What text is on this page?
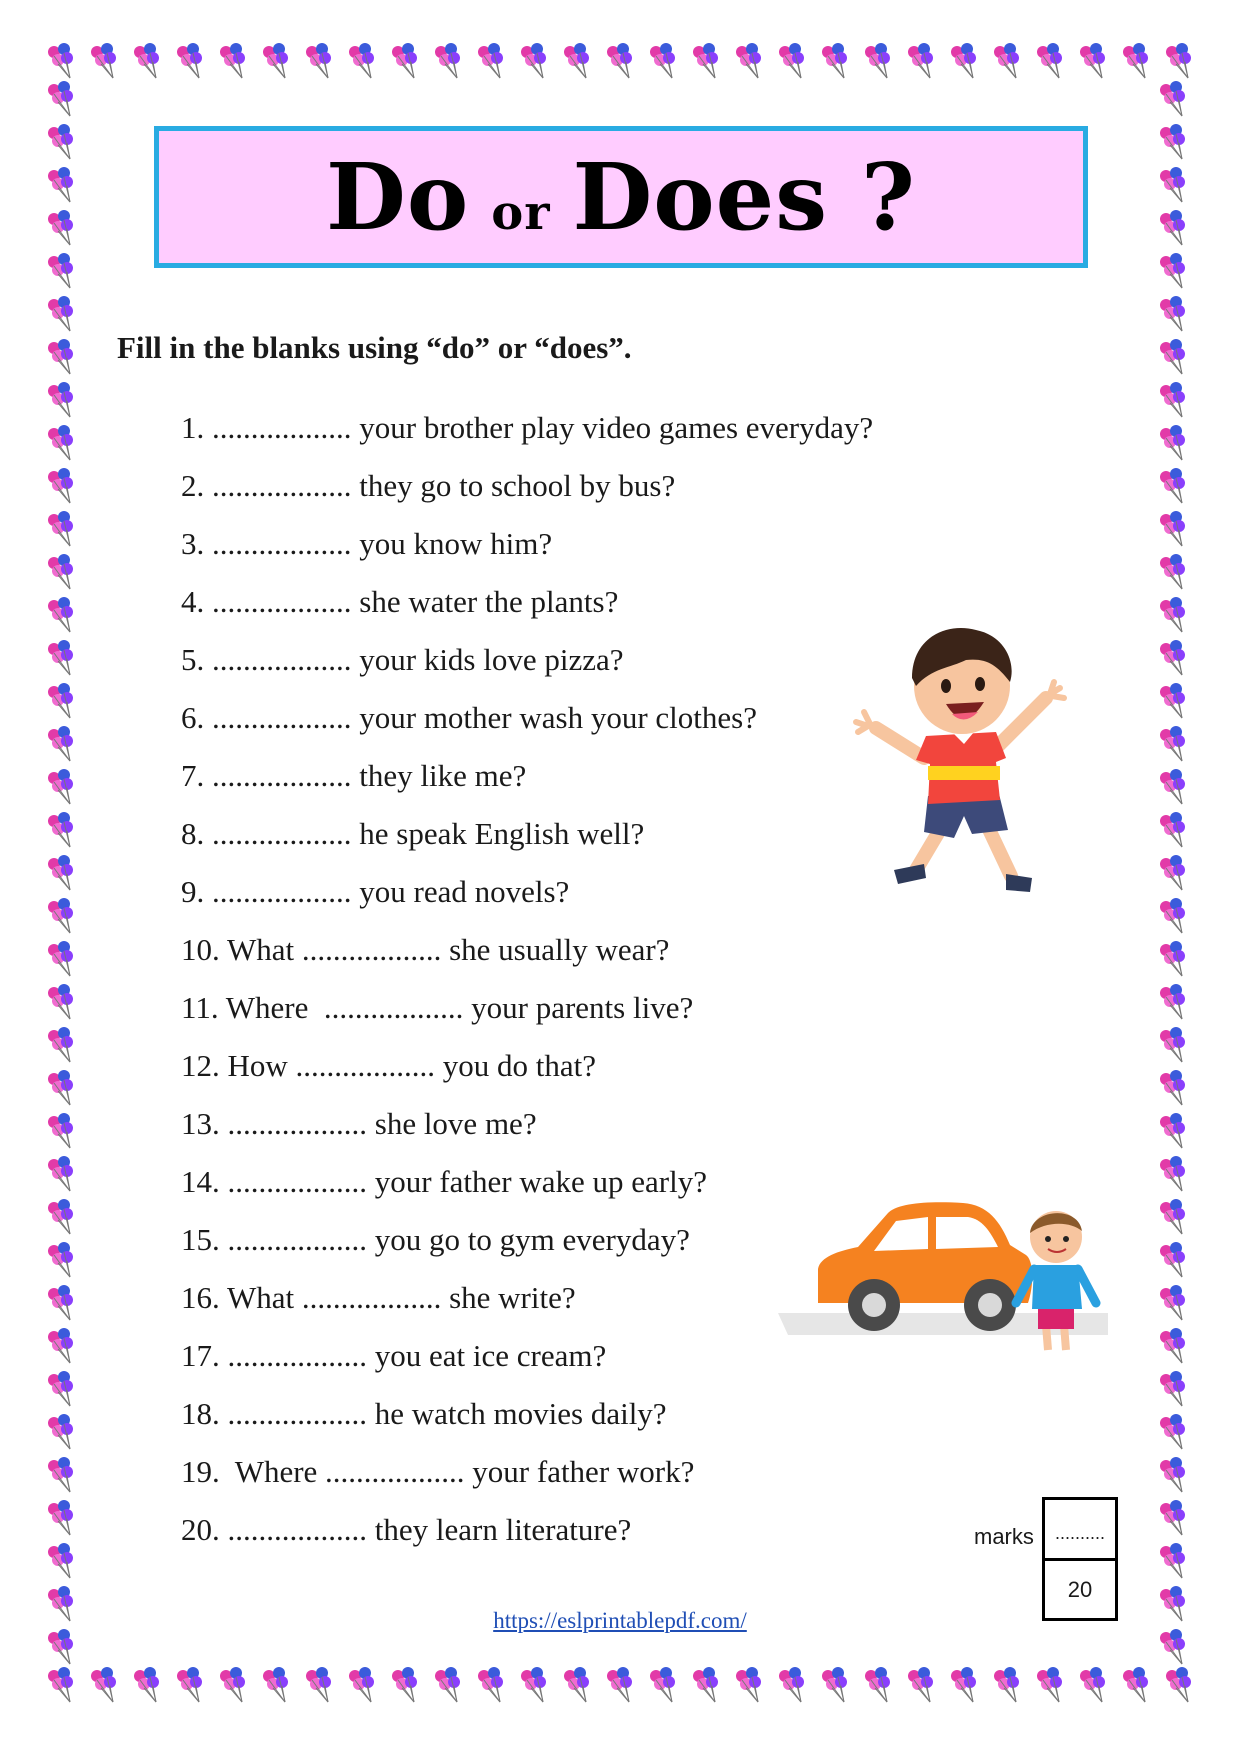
Do or Does ?
Fill in the blanks using “do” or “does”.
1. .................. your brother play video games everyday?
2. .................. they go to school by bus?
3. .................. you know him?
4. .................. she water the plants?
5. .................. your kids love pizza?
6. .................. your mother wash your clothes?
7. .................. they like me?
8. .................. he speak English well?
9. .................. you read novels?
10. What .................. she usually wear?
11. Where  .................. your parents live?
12. How .................. you do that?
13. .................. she love me?
14. .................. your father wake up early?
15. .................. you go to gym everyday?
16. What .................. she write?
17. .................. you eat ice cream?
18. .................. he watch movies daily?
19.  Where .................. your father work?
20. .................. they learn literature?	marks	..........
20
https://eslprintablepdf.com/
